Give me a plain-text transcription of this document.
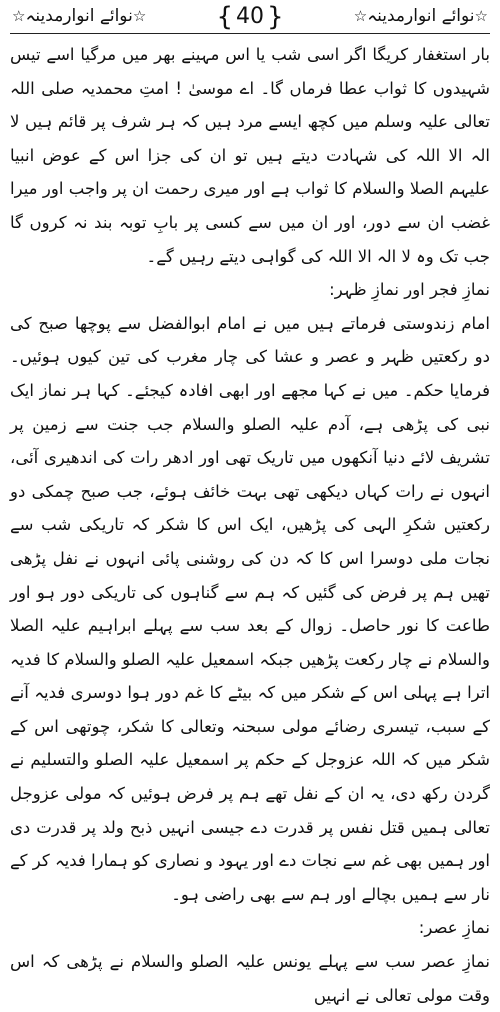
☆نوائے انوارمدینہ☆
{ 40 }
☆نوائے انوارمدینہ☆

بار استغفار کریگا اگر اسی شب یا اس مہینے بھر میں مرگیا اسے تیس شہیدوں کا ثواب عطا فرماں گا۔ اے موسیٰ ! امتِ محمدیہ صلی اللہ تعالی علیہ وسلم میں کچھ ایسے مرد ہیں کہ ہر شرف پر قائم ہیں لا الہ الا اللہ کی شہادت دیتے ہیں تو ان کی جزا اس کے عوض انبیا علیہم الصلا والسلام کا ثواب ہے اور میری رحمت ان پر واجب اور میرا غضب ان سے دور، اور ان میں سے کسی پر بابِ توبہ بند نہ کروں گا جب تک وہ لا الہ الا اللہ کی گواہی دیتے رہیں گے۔

نمازِ فجر اور نمازِ ظہر:

امام زندوستی فرماتے ہیں میں نے امام ابوالفضل سے پوچھا صبح کی دو رکعتیں ظہر و عصر و عشا کی چار مغرب کی تین کیوں ہوئیں۔ فرمایا حکم۔ میں نے کہا مجھے اور ابھی افادہ کیجئے۔ کہا ہر نماز ایک نبی کی پڑھی ہے، آدم علیہ الصلو والسلام جب جنت سے زمین پر تشریف لائے دنیا آنکھوں میں تاریک تھی اور ادھر رات کی اندھیری آئی، انہوں نے رات کہاں دیکھی تھی بہت خائف ہوئے، جب صبح چمکی دو رکعتیں شکرِ الہی کی پڑھیں، ایک اس کا شکر کہ تاریکی شب سے نجات ملی دوسرا اس کا کہ دن کی روشنی پائی انہوں نے نفل پڑھی تھیں ہم پر فرض کی گئیں کہ ہم سے گناہوں کی تاریکی دور ہو اور طاعت کا نور حاصل۔ زوال کے بعد سب سے پہلے ابراہیم علیہ الصلا والسلام نے چار رکعت پڑھیں جبکہ اسمعیل علیہ الصلو والسلام کا فدیہ اترا ہے پہلی اس کے شکر میں کہ بیٹے کا غم دور ہوا دوسری فدیہ آنے کے سبب، تیسری رضائے مولی سبحنہ وتعالی کا شکر، چوتھی اس کے شکر میں کہ اللہ عزوجل کے حکم پر اسمعیل علیہ الصلو والتسلیم نے گردن رکھ دی، یہ ان کے نفل تھے ہم پر فرض ہوئیں کہ مولی عزوجل تعالی ہمیں قتل نفس پر قدرت دے جیسی انہیں ذبح ولد پر قدرت دی اور ہمیں بھی غم سے نجات دے اور یہود و نصاری کو ہمارا فدیہ کر کے نار سے ہمیں بچالے اور ہم سے بھی راضی ہو۔

نمازِ عصر:

نمازِ عصر سب سے پہلے یونس علیہ الصلو والسلام نے پڑھی کہ اس وقت مولی تعالی نے انہیں
